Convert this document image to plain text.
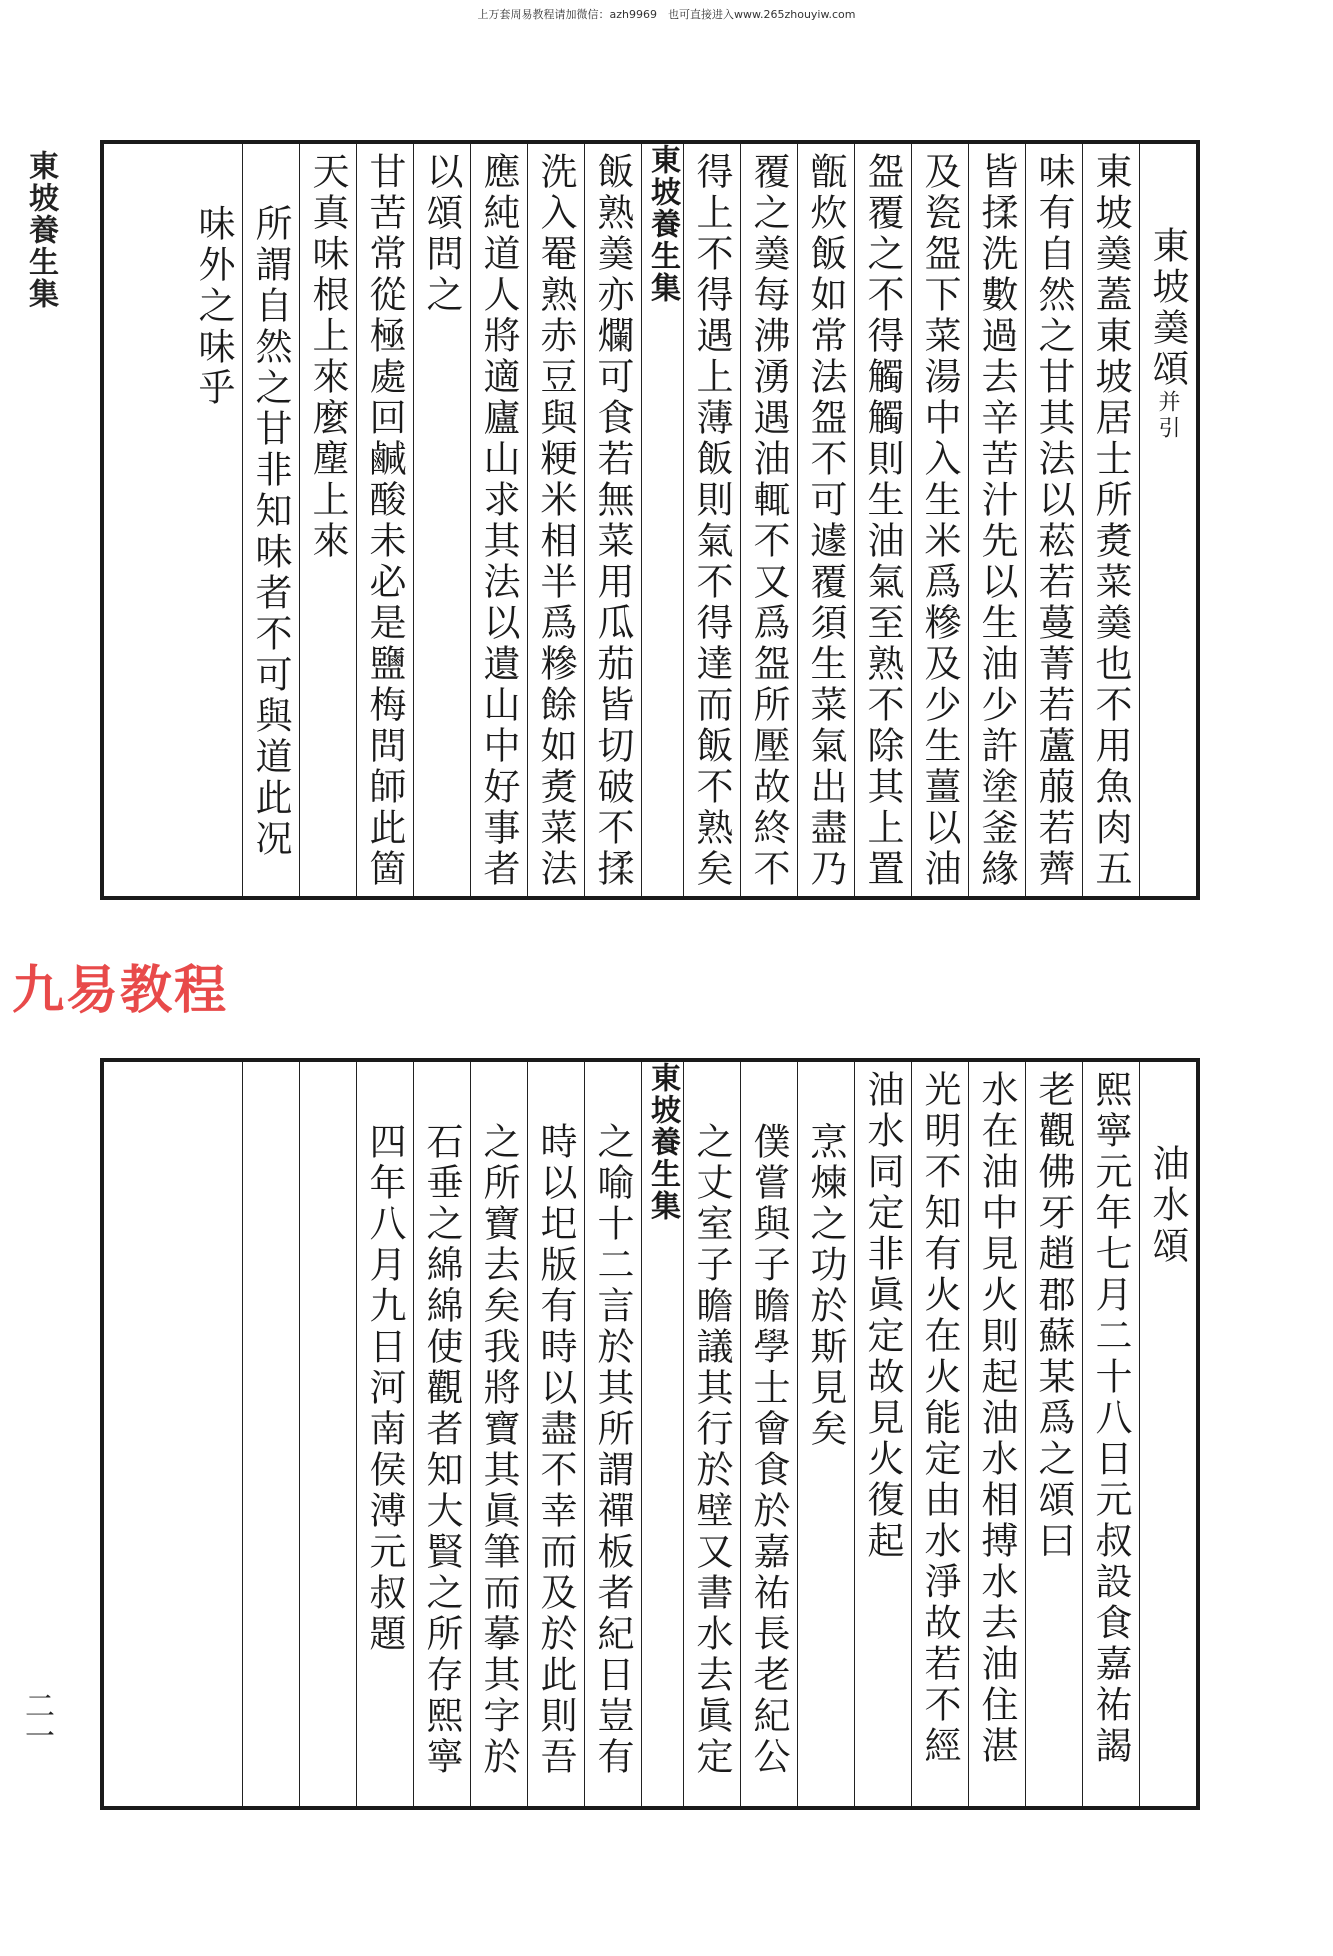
上万套周易教程请加微信：azh9969　也可直接进入www.265zhouyiw.com
東坡養生集
二一
九易教程
東坡羮頌并引
東坡羮蓋東坡居士所煑菜羮也不用魚肉五
味有自然之甘其法以菘若蔓菁若蘆菔若薺
皆揉洗數過去辛苦汁先以生油少許塗釜緣
及瓷盌下菜湯中入生米爲糝及少生薑以油
盌覆之不得觸觸則生油氣至熟不除其上置
甑炊飯如常法盌不可遽覆須生菜氣出盡乃
覆之羮每沸湧遇油輒不又爲盌所壓故終不
得上不得遇上薄飯則氣不得達而飯不熟矣
東坡養生集
飯熟羮亦爛可食若無菜用瓜茄皆切破不揉
洗入罨熟赤豆與粳米相半爲糝餘如煑菜法
應純道人將適廬山求其法以遺山中好事者
以頌問之
甘苦常從極處回鹹酸未必是鹽梅問師此箇
天真味根上來麼塵上來
所謂自然之甘非知味者不可與道此况
味外之味乎
油水頌
熙寧元年七月二十八日元叔設食嘉祐謁
老觀佛牙趙郡蘇某爲之頌曰
水在油中見火則起油水相搏水去油住湛
光明不知有火在火能定由水淨故若不經
油水同定非眞定故見火復起
烹煉之功於斯見矣
僕嘗與子瞻學士會食於嘉祐長老紀公
之丈室子瞻議其行於壁又書水去眞定
東坡養生集
之喻十二言於其所謂禪板者紀日豈有
時以圯版有時以盡不幸而及於此則吾
之所寶去矣我將寶其眞筆而摹其字於
石垂之綿綿使觀者知大賢之所存熙寧
四年八月九日河南侯溥元叔題
